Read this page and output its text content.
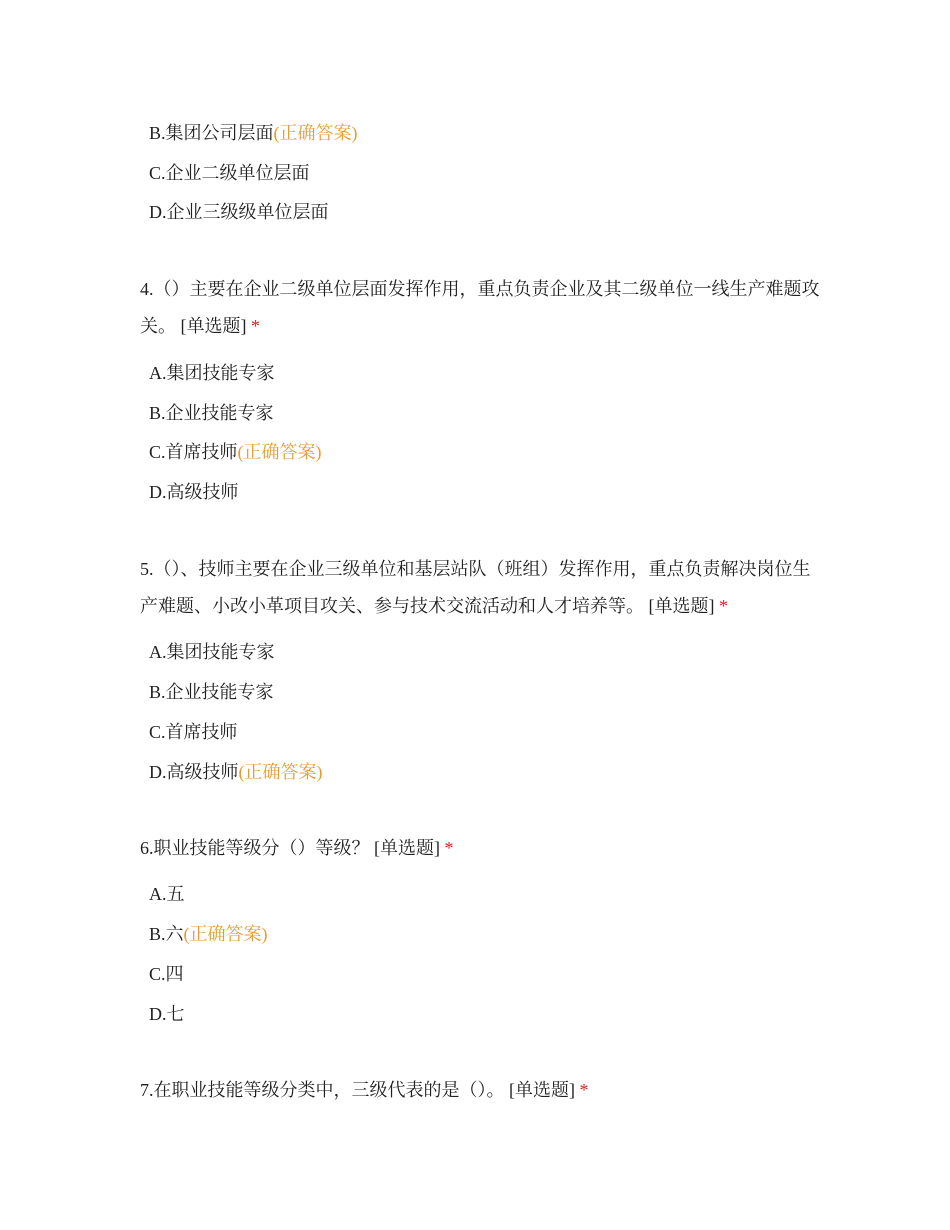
B.集团公司层面(正确答案)
C.企业二级单位层面
D.企业三级级单位层面

4.（）主要在企业二级单位层面发挥作用，重点负责企业及其二级单位一线生产难题攻关。 [单选题] *

A.集团技能专家
B.企业技能专家
C.首席技师(正确答案)
D.高级技师

5.（）、技师主要在企业三级单位和基层站队（班组）发挥作用，重点负责解决岗位生产难题、小改小革项目攻关、参与技术交流活动和人才培养等。 [单选题] *

A.集团技能专家
B.企业技能专家
C.首席技师
D.高级技师(正确答案)

6.职业技能等级分（）等级？ [单选题] *

A.五
B.六(正确答案)
C.四
D.七

7.在职业技能等级分类中，三级代表的是（）。 [单选题] *
